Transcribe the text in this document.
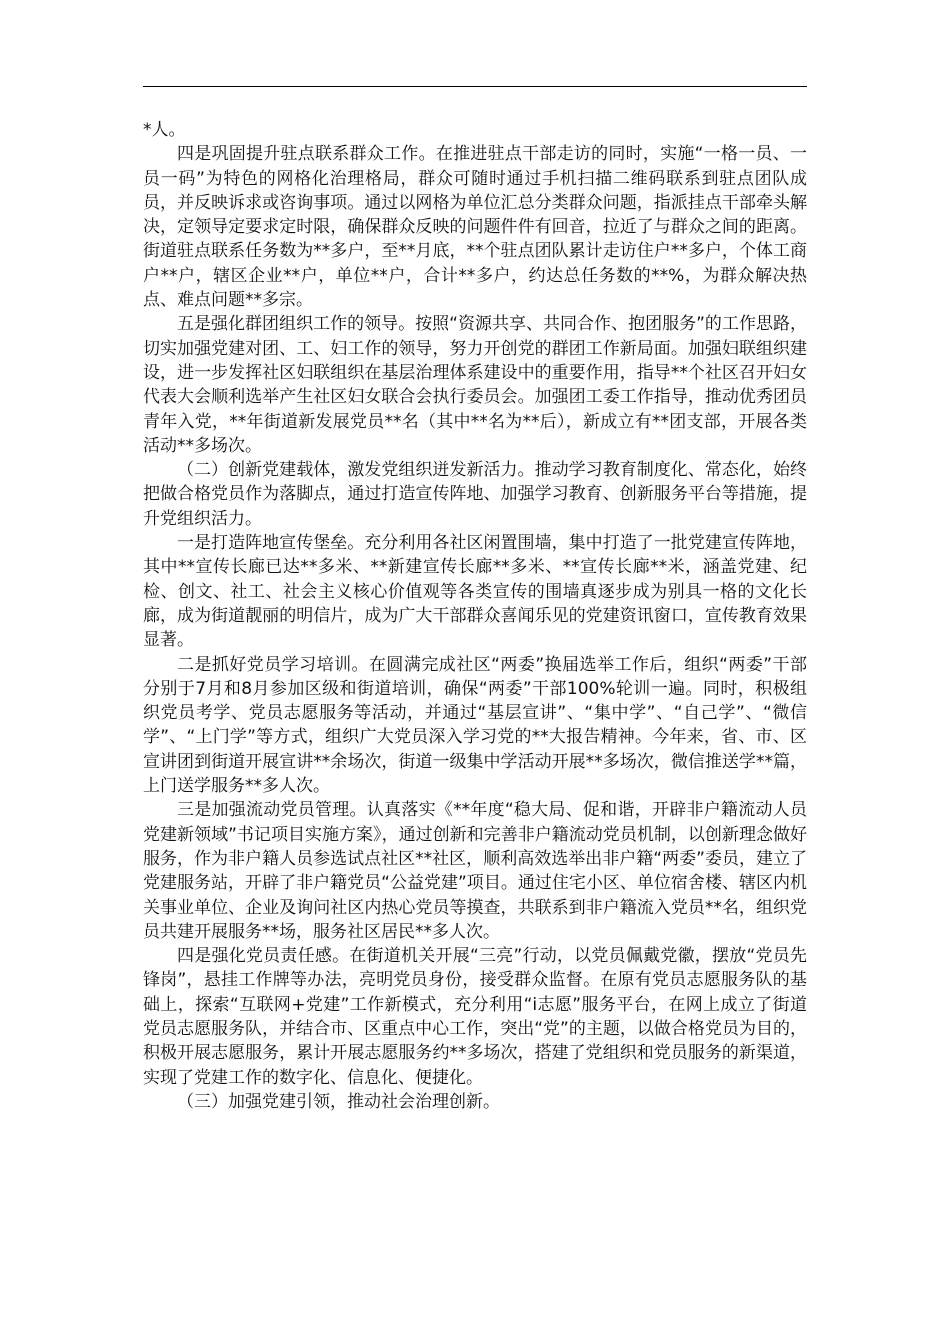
*人。

四是巩固提升驻点联系群众工作。在推进驻点干部走访的同时，实施“一格一员、一员一码”为特色的网格化治理格局，群众可随时通过手机扫描二维码联系到驻点团队成员，并反映诉求或咨询事项。通过以网格为单位汇总分类群众问题，指派挂点干部牵头解决，定领导定要求定时限，确保群众反映的问题件件有回音，拉近了与群众之间的距离。街道驻点联系任务数为**多户，至**月底，**个驻点团队累计走访住户**多户，个体工商户**户，辖区企业**户，单位**户，合计**多户，约达总任务数的**%，为群众解决热点、难点问题**多宗。

五是强化群团组织工作的领导。按照“资源共享、共同合作、抱团服务”的工作思路，切实加强党建对团、工、妇工作的领导，努力开创党的群团工作新局面。加强妇联组织建设，进一步发挥社区妇联组织在基层治理体系建设中的重要作用，指导**个社区召开妇女代表大会顺利选举产生社区妇女联合会执行委员会。加强团工委工作指导，推动优秀团员青年入党，**年街道新发展党员**名（其中**名为**后），新成立有**团支部，开展各类活动**多场次。

（二）创新党建载体，激发党组织迸发新活力。推动学习教育制度化、常态化，始终把做合格党员作为落脚点，通过打造宣传阵地、加强学习教育、创新服务平台等措施，提升党组织活力。

一是打造阵地宣传堡垒。充分利用各社区闲置围墙，集中打造了一批党建宣传阵地，其中**宣传长廊已达**多米、**新建宣传长廊**多米、**宣传长廊**米，涵盖党建、纪检、创文、社工、社会主义核心价值观等各类宣传的围墙真逐步成为别具一格的文化长廊，成为街道靓丽的明信片，成为广大干部群众喜闻乐见的党建资讯窗口，宣传教育效果显著。

二是抓好党员学习培训。在圆满完成社区“两委”换届选举工作后，组织“两委”干部分别于7月和8月参加区级和街道培训，确保“两委”干部100%轮训一遍。同时，积极组织党员考学、党员志愿服务等活动，并通过“基层宣讲”、“集中学”、“自己学”、“微信学”、“上门学”等方式，组织广大党员深入学习党的**大报告精神。今年来，省、市、区宣讲团到街道开展宣讲**余场次，街道一级集中学活动开展**多场次，微信推送学**篇，上门送学服务**多人次。

三是加强流动党员管理。认真落实《**年度“稳大局、促和谐，开辟非户籍流动人员党建新领域”书记项目实施方案》，通过创新和完善非户籍流动党员机制，以创新理念做好服务，作为非户籍人员参选试点社区**社区，顺利高效选举出非户籍“两委”委员，建立了党建服务站，开辟了非户籍党员“公益党建”项目。通过住宅小区、单位宿舍楼、辖区内机关事业单位、企业及询问社区内热心党员等摸查，共联系到非户籍流入党员**名，组织党员共建开展服务**场，服务社区居民**多人次。

四是强化党员责任感。在街道机关开展“三亮”行动，以党员佩戴党徽，摆放“党员先锋岗”，悬挂工作牌等办法，亮明党员身份，接受群众监督。在原有党员志愿服务队的基础上，探索“互联网+党建”工作新模式，充分利用“i志愿”服务平台，在网上成立了街道党员志愿服务队，并结合市、区重点中心工作，突出“党”的主题，以做合格党员为目的，积极开展志愿服务，累计开展志愿服务约**多场次，搭建了党组织和党员服务的新渠道，实现了党建工作的数字化、信息化、便捷化。

（三）加强党建引领，推动社会治理创新。
